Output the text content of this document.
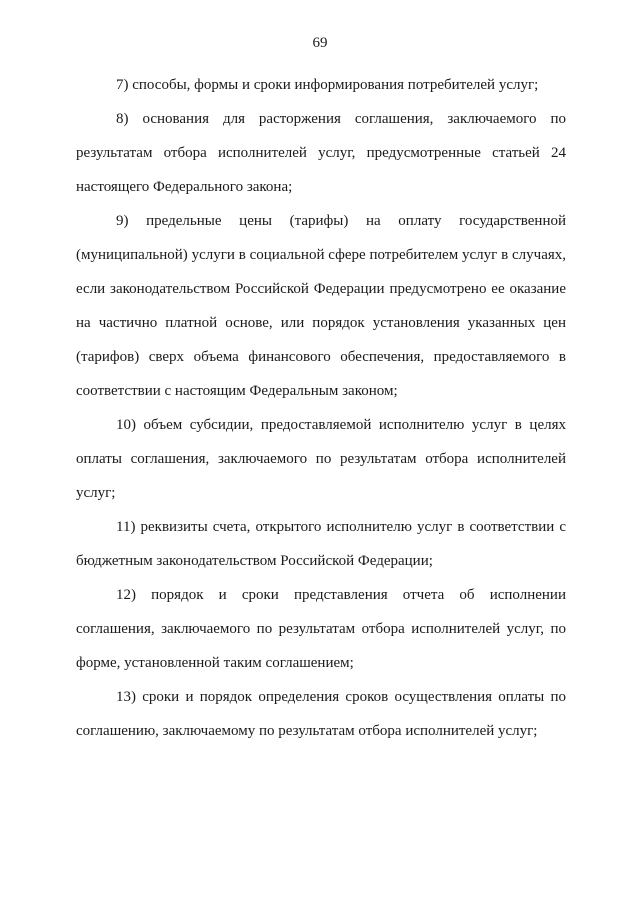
69

7) способы, формы и сроки информирования потребителей услуг;

8) основания для расторжения соглашения, заключаемого по результатам отбора исполнителей услуг, предусмотренные статьей 24 настоящего Федерального закона;

9) предельные цены (тарифы) на оплату государственной (муниципальной) услуги в социальной сфере потребителем услуг в случаях, если законодательством Российской Федерации предусмотрено ее оказание на частично платной основе, или порядок установления указанных цен (тарифов) сверх объема финансового обеспечения, предоставляемого в соответствии с настоящим Федеральным законом;

10) объем субсидии, предоставляемой исполнителю услуг в целях оплаты соглашения, заключаемого по результатам отбора исполнителей услуг;

11) реквизиты счета, открытого исполнителю услуг в соответствии с бюджетным законодательством Российской Федерации;

12) порядок и сроки представления отчета об исполнении соглашения, заключаемого по результатам отбора исполнителей услуг, по форме, установленной таким соглашением;

13) сроки и порядок определения сроков осуществления оплаты по соглашению, заключаемому по результатам отбора исполнителей услуг;
